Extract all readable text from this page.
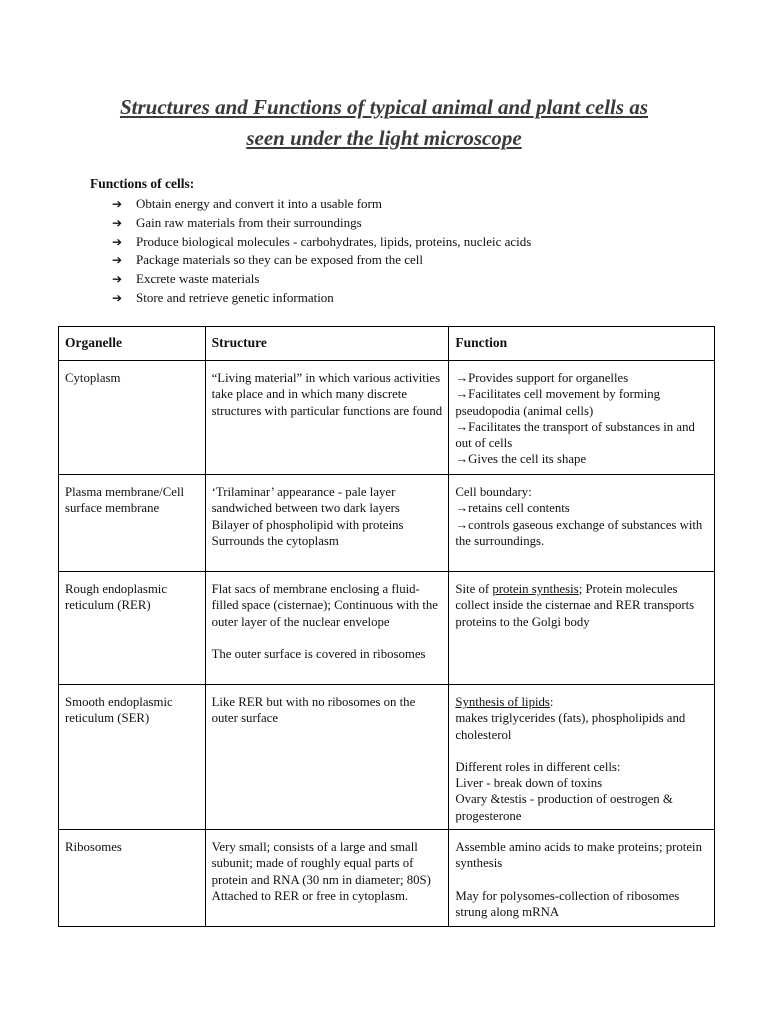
Structures and Functions of typical animal and plant cells as
seen under the light microscope
Functions of cells:
➔ Obtain energy and convert it into a usable form
➔ Gain raw materials from their surroundings
➔ Produce biological molecules - carbohydrates, lipids, proteins, nucleic acids
➔ Package materials so they can be exposed from the cell
➔ Excrete waste materials
➔ Store and retrieve genetic information
Organelle	Structure	Function

Cytoplasm	“Living material” in which various activities take place and in which many discrete structures with particular functions are found	→Provides support for organelles
→Facilitates cell movement by forming pseudopodia (animal cells)
→Facilitates the transport of substances in and out of cells
→Gives the cell its shape

Plasma membrane/Cell surface membrane	‘Trilaminar’ appearance - pale layer sandwiched between two dark layers
Bilayer of phospholipid with proteins
Surrounds the cytoplasm	Cell boundary:
→retains cell contents
→controls gaseous exchange of substances with the surroundings.

Rough endoplasmic reticulum (RER)	Flat sacs of membrane enclosing a fluid-filled space (cisternae); Continuous with the outer layer of the nuclear envelope
The outer surface is covered in ribosomes	Site of protein synthesis; Protein molecules collect inside the cisternae and RER transports proteins to the Golgi body

Smooth endoplasmic reticulum (SER)	Like RER but with no ribosomes on the outer surface	Synthesis of lipids:
makes triglycerides (fats), phospholipids and cholesterol
Different roles in different cells:
Liver - break down of toxins
Ovary &testis - production of oestrogen & progesterone

Ribosomes	Very small; consists of a large and small subunit; made of roughly equal parts of protein and RNA (30 nm in diameter; 80S)
Attached to RER or free in cytoplasm.	Assemble amino acids to make proteins; protein synthesis
May for polysomes-collection of ribosomes strung along mRNA
